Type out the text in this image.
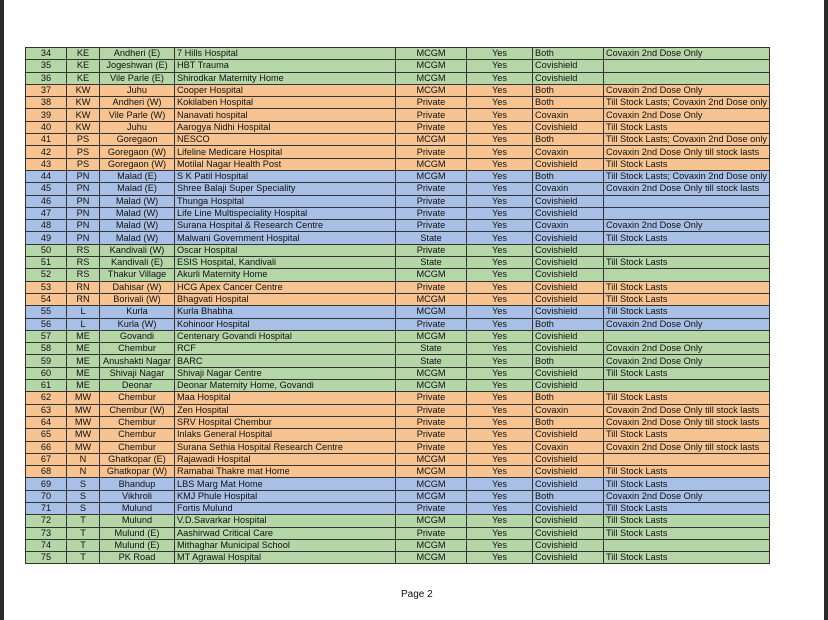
34	KE	Andheri (E)	7 Hills Hospital	MCGM	Yes	Both	Covaxin 2nd Dose Only
35	KE	Jogeshwari (E)	HBT Trauma	MCGM	Yes	Covishield	
36	KE	Vile Parle (E)	Shirodkar Maternity Home	MCGM	Yes	Covishield	
37	KW	Juhu	Cooper Hospital	MCGM	Yes	Both	Covaxin 2nd Dose Only
38	KW	Andheri (W)	Kokilaben Hospital	Private	Yes	Both	Till Stock Lasts; Covaxin 2nd Dose only
39	KW	Vile Parle (W)	Nanavati hospital	Private	Yes	Covaxin	Covaxin 2nd Dose Only
40	KW	Juhu	Aarogya Nidhi Hospital	Private	Yes	Covishield	Till Stock Lasts
41	PS	Goregaon	NESCO	MCGM	Yes	Both	Till Stock Lasts; Covaxin 2nd Dose only
42	PS	Goregaon (W)	Lifeline Medicare Hospital	Private	Yes	Covaxin	Covaxin 2nd Dose Only till stock lasts
43	PS	Goregaon (W)	Motilal Nagar Health Post	MCGM	Yes	Covishield	Till Stock Lasts
44	PN	Malad (E)	S K Patil Hospital	MCGM	Yes	Both	Till Stock Lasts; Covaxin 2nd Dose only
45	PN	Malad (E)	Shree Balaji Super Speciality	Private	Yes	Covaxin	Covaxin 2nd Dose Only till stock lasts
46	PN	Malad (W)	Thunga Hospital	Private	Yes	Covishield	
47	PN	Malad (W)	Life Line Multispeciality Hospital	Private	Yes	Covishield	
48	PN	Malad (W)	Surana Hospital & Research Centre	Private	Yes	Covaxin	Covaxin 2nd Dose Only
49	PN	Malad (W)	Malwani Government Hospital	State	Yes	Covishield	Till Stock Lasts
50	RS	Kandivali (W)	Oscar Hospital	Private	Yes	Covishield	
51	RS	Kandivali (E)	ESIS Hospital, Kandivali	State	Yes	Covishield	Till Stock Lasts
52	RS	Thakur Village	Akurli Maternity Home	MCGM	Yes	Covishield	
53	RN	Dahisar (W)	HCG Apex Cancer Centre	Private	Yes	Covishield	Till Stock Lasts
54	RN	Borivali (W)	Bhagvati Hospital	MCGM	Yes	Covishield	Till Stock Lasts
55	L	Kurla	Kurla Bhabha	MCGM	Yes	Covishield	Till Stock Lasts
56	L	Kurla (W)	Kohinoor Hospital	Private	Yes	Both	Covaxin 2nd Dose Only
57	ME	Govandi	Centenary Govandi Hospital	MCGM	Yes	Covishield	
58	ME	Chembur	RCF	State	Yes	Covishield	Covaxin 2nd Dose Only
59	ME	Anushakti Nagar	BARC	State	Yes	Both	Covaxin 2nd Dose Only
60	ME	Shivaji Nagar	Shivaji Nagar Centre	MCGM	Yes	Covishield	Till Stock Lasts
61	ME	Deonar	Deonar Maternity Home, Govandi	MCGM	Yes	Covishield	
62	MW	Chembur	Maa Hospital	Private	Yes	Both	Till Stock Lasts
63	MW	Chembur (W)	Zen Hospital	Private	Yes	Covaxin	Covaxin 2nd Dose Only till stock lasts
64	MW	Chembur	SRV Hospital Chembur	Private	Yes	Both	Covaxin 2nd Dose Only till stock lasts
65	MW	Chembur	Inlaks General Hospital	Private	Yes	Covishield	Till Stock Lasts
66	MW	Chembur	Surana Sethia Hospital Research Centre	Private	Yes	Covaxin	Covaxin 2nd Dose Only till stock lasts
67	N	Ghatkopar (E)	Rajawadi Hospital	MCGM	Yes	Covishield	
68	N	Ghatkopar (W)	Ramabai Thakre mat Home	MCGM	Yes	Covishield	Till Stock Lasts
69	S	Bhandup	LBS Marg Mat Home	MCGM	Yes	Covishield	Till Stock Lasts
70	S	Vikhroli	KMJ Phule Hospital	MCGM	Yes	Both	Covaxin 2nd Dose Only
71	S	Mulund	Fortis Mulund	Private	Yes	Covishield	Till Stock Lasts
72	T	Mulund	V.D.Savarkar Hospital	MCGM	Yes	Covishield	Till Stock Lasts
73	T	Mulund (E)	Aashirwad Critical Care	Private	Yes	Covishield	Till Stock Lasts
74	T	Mulund (E)	Mithaghar Municipal School	MCGM	Yes	Covishield	
75	T	PK Road	MT Agrawal Hospital	MCGM	Yes	Covishield	Till Stock Lasts
Page 2
